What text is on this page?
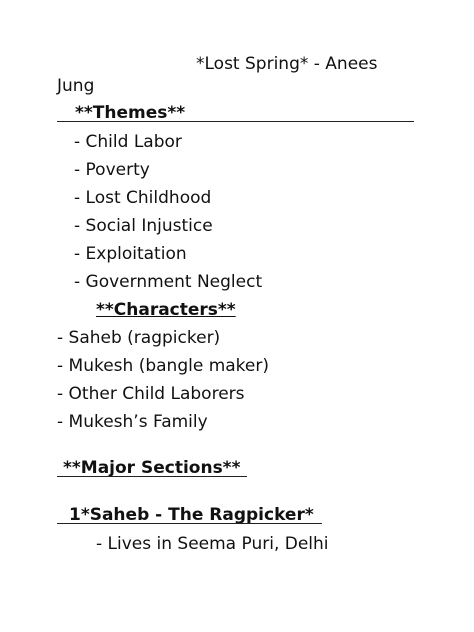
*Lost Spring* - Anees
Jung
**Themes**
- Child Labor
- Poverty
- Lost Childhood
- Social Injustice
- Exploitation
- Government Neglect
**Characters**
- Saheb (ragpicker)
- Mukesh (bangle maker)
- Other Child Laborers
- Mukesh’s Family
**Major Sections**
1*Saheb - The Ragpicker*
- Lives in Seema Puri, Delhi
